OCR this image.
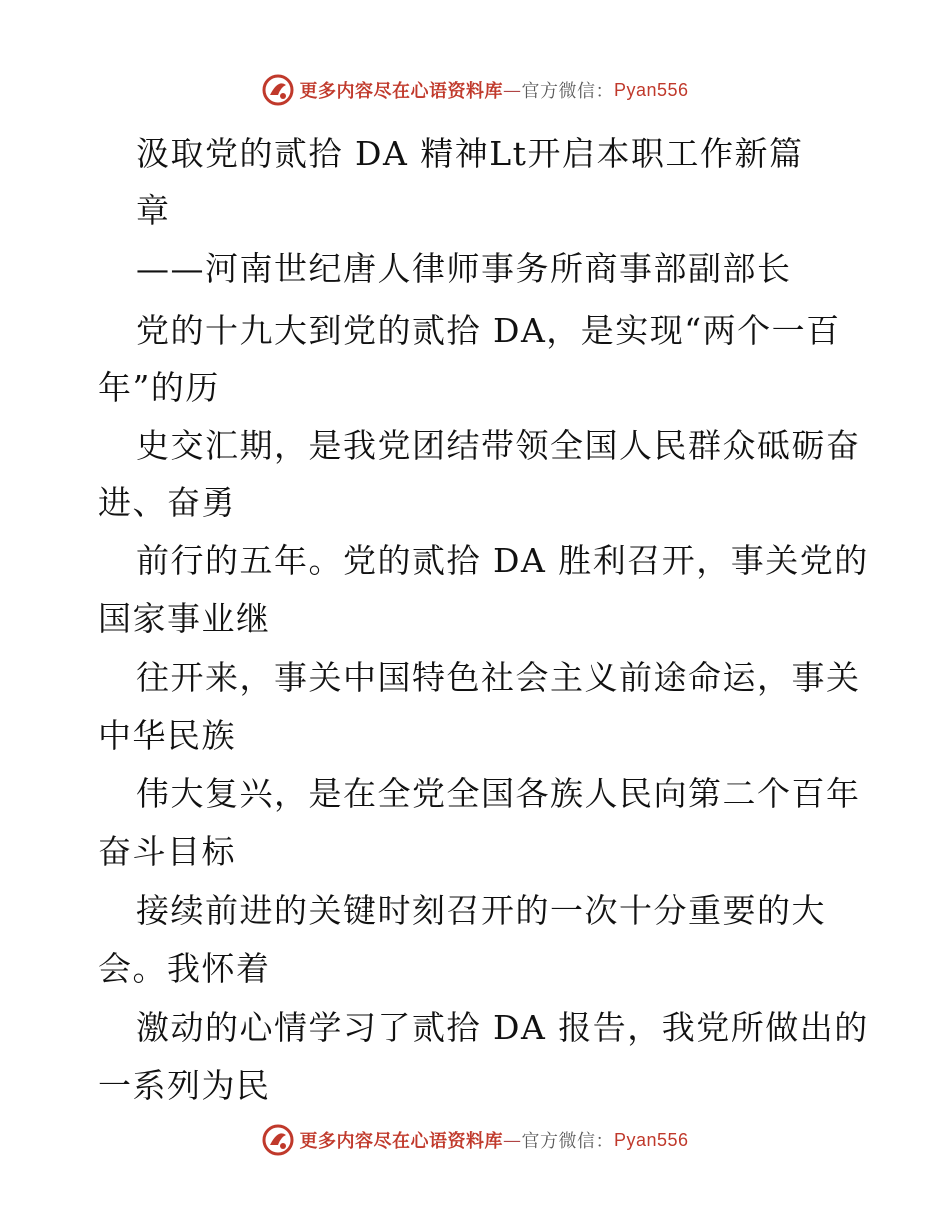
更多内容尽在心语资料库 — 官方微信： Pyan556
汲取党的贰拾 DA 精神Lt开启本职工作新篇
章
——河南世纪唐人律师事务所商事部副部长
党的十九大到党的贰拾 DA，是实现“两个一百
年”的历
史交汇期，是我党团结带领全国人民群众砥砺奋
进、奋勇
前行的五年。党的贰拾 DA 胜利召开，事关党的
国家事业继
往开来，事关中国特色社会主义前途命运，事关
中华民族
伟大复兴，是在全党全国各族人民向第二个百年
奋斗目标
接续前进的关键时刻召开的一次十分重要的大
会。我怀着
激动的心情学习了贰拾 DA 报告，我党所做出的
一系列为民
更多内容尽在心语资料库 — 官方微信： Pyan556
